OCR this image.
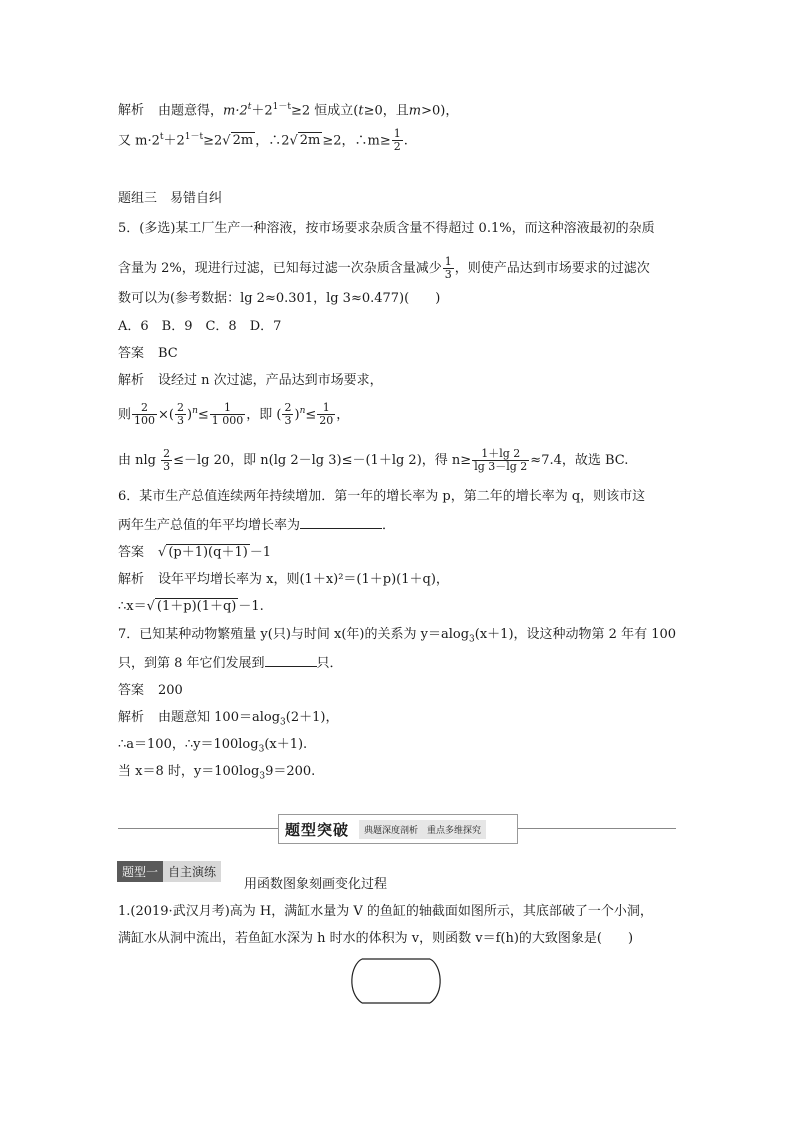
解析 由题意得，$m\cdot 2^t+2^{1-t}\ge 2$ 恒成立(t≥0，且m>0)，
又 $m\cdot 2^t+2^{1-t}\ge 2√$ 2m ，∴2√ 2m ≥2，∴m≥ $\frac{1}{2}$ .
题组三　易错自纠
5．(多选)某工厂生产一种溶液，按市场要求杂质含量不得超过 0.1%，而这种溶液最初的杂质
含量为 2%，现进行过滤，已知每过滤一次杂质含量减少 $\frac{1}{3}$ ，则使产品达到市场要求的过滤次
数可以为(参考数据：lg 2≈0.301，lg 3≈0.477)(　　)
A．6　B．9　C．8　D．7
答案 BC
解析 设经过 n 次过滤，产品达到市场要求，
则 $\frac{2}{100}$ ×( $\frac{2}{3} )^n\le \frac{1}{1 000}$ ，即 ( $\frac{2}{3} )^n\le \frac{1}{20}$ ，
由 nlg $\frac{2}{3} \le-\lg$ 20，即 n(lg 2－lg 3)≤－(1＋lg 2)，得 $n\ge \frac{1+\lg 2}{\lg 3-\lg 2} \approx 7.4$，故选 BC.
6．某市生产总值连续两年持续增加．第一年的增长率为 p，第二年的增长率为 q，则该市这
两年生产总值的年平均增长率为	．
答案 √ (p＋1)(q＋1) －1
解析 设年平均增长率为 x，则(1＋x)²＝(1＋p)(1＋q)，
∴x＝√ (1＋p)(1＋q) －1.
7．已知某种动物繁殖量 y(只)与时间 x(年)的关系为 y＝alog$_3$(x＋1)，设这种动物第 2 年有 100
只，到第 8 年它们发展到	只．
答案 200
解析 由题意知 100＝alog$_3$(2＋1)，
∴a＝100，$\therefore y=100\log_3(x+1)$.
当 x＝8 时，$y=100\log_39=200$.
题型突破	典题深度剖析　重点多维探究
题型一 自主演练
用函数图象刻画变化过程
1.(2019·武汉月考)高为 H，满缸水量为 V 的鱼缸的轴截面如图所示，其底部破了一个小洞，
满缸水从洞中流出，若鱼缸水深为 h 时水的体积为 v，则函数 v＝f(h)的大致图象是(　　)
